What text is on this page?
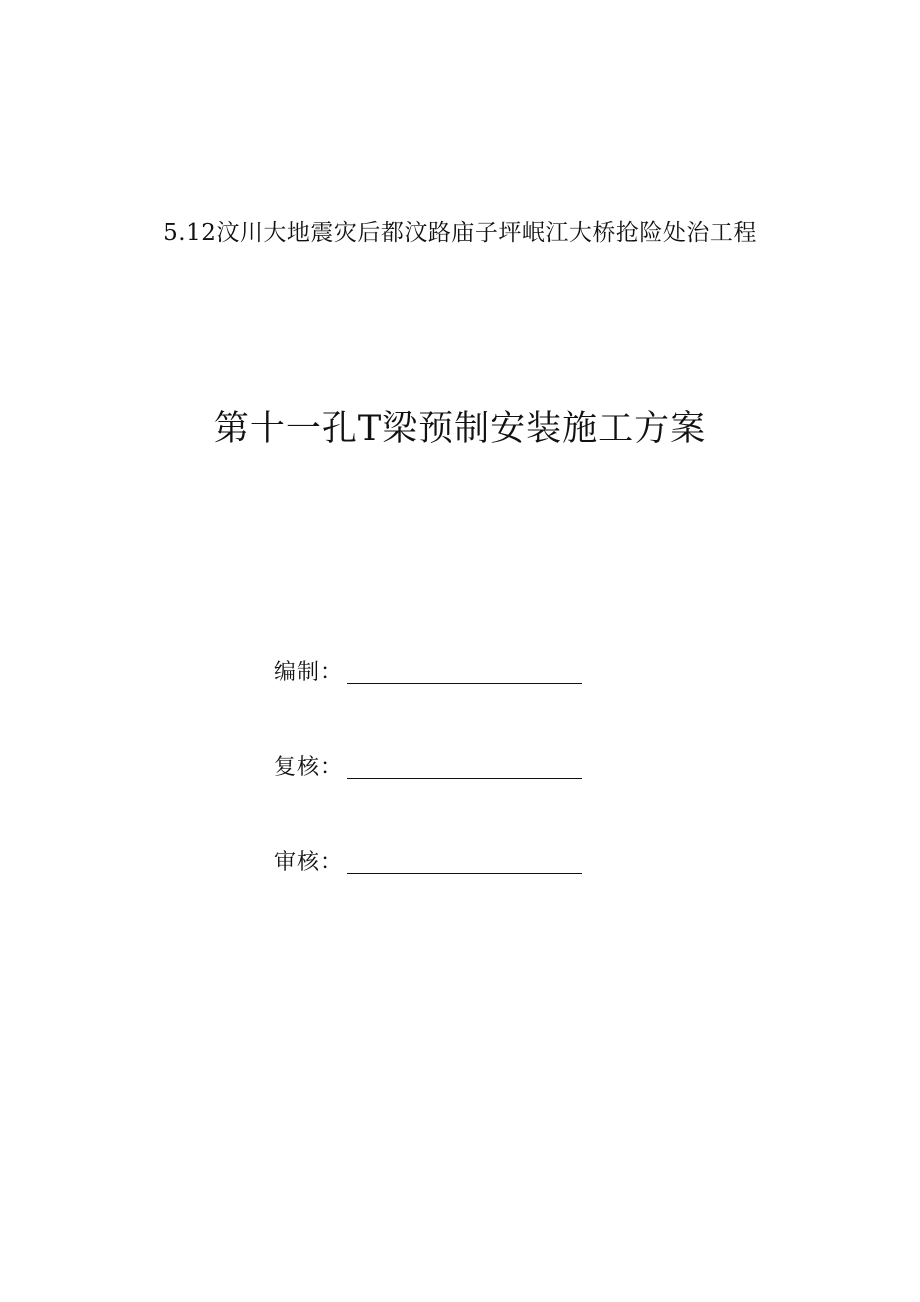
5.12汶川大地震灾后都汶路庙子坪岷江大桥抢险处治工程
第十一孔T梁预制安装施工方案
编制：
复核：
审核：
